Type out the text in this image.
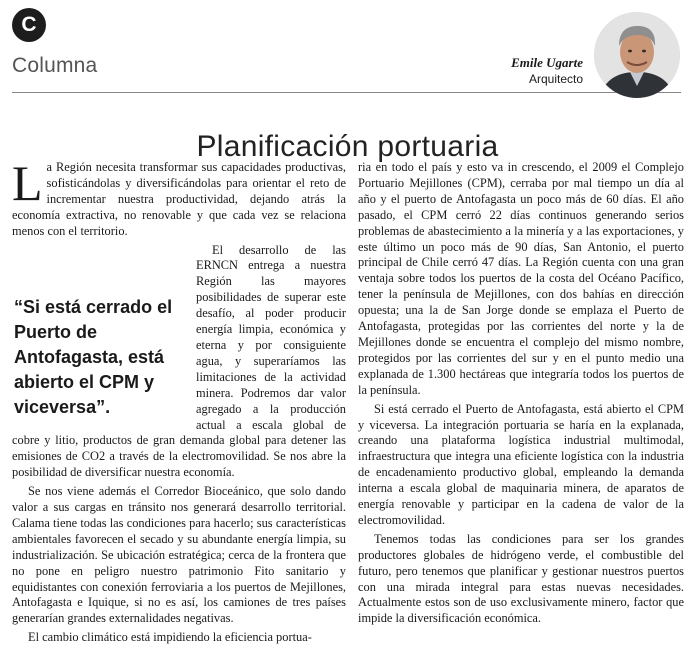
C
Columna	Emile Ugarte
Arquitecto
Planificación portuaria

La Región necesita transformar sus capacidades productivas, sofisticándolas y diversificándolas para orientar el reto de incrementar nuestra productividad, dejando atrás la economía extractiva, no renovable y que cada vez se relaciona menos con el territorio.

El desarrollo de las ERNCN entrega a nuestra Región las mayores posibilidades de superar este desafío, al poder producir energía limpia, económica y eterna y por consiguiente agua, y superaríamos las limitaciones de la actividad minera. Podremos dar valor agregado a la producción actual a escala global de cobre y litio, productos de gran demanda global para detener las emisiones de CO2 a través de la electromovilidad. Se nos abre la posibilidad de diversificar nuestra economía.

Se nos viene además el Corredor Bioceánico, que solo dando valor a sus cargas en tránsito nos generará desarrollo territorial. Calama tiene todas las condiciones para hacerlo; sus características ambientales favorecen el secado y su abundante energía limpia, su industrialización. Se ubicación estratégica; cerca de la frontera que no pone en peligro nuestro patrimonio Fito sanitario y equidistantes con conexión ferroviaria a los puertos de Mejillones, Antofagasta e Iquique, si no es así, los camiones de tres países generarían grandes externalidades negativas.

El cambio climático está impidiendo la eficiencia portua-

“Si está cerrado el Puerto de Antofagasta, está abierto el CPM y viceversa”.

ria en todo el país y esto va in crescendo, el 2009 el Complejo Portuario Mejillones (CPM), cerraba por mal tiempo un día al año y el puerto de Antofagasta un poco más de 60 días. El año pasado, el CPM cerró 22 días continuos generando serios problemas de abastecimiento a la minería y a las exportaciones, y este último un poco más de 90 días, San Antonio, el puerto principal de Chile cerró 47 días. La Región cuenta con una gran ventaja sobre todos los puertos de la costa del Océano Pacífico, tener la península de Mejillones, con dos bahías en dirección opuesta; una la de San Jorge donde se emplaza el Puerto de Antofagasta, protegidas por las corrientes del norte y la de Mejillones donde se encuentra el complejo del mismo nombre, protegidos por las corrientes del sur y en el punto medio una explanada de 1.300 hectáreas que integraría todos los puertos de la península.

Si está cerrado el Puerto de Antofagasta, está abierto el CPM y viceversa. La integración portuaria se haría en la explanada, creando una plataforma logística industrial multimodal, infraestructura que integra una eficiente logística con la industria de encadenamiento productivo global, empleando la demanda interna a escala global de maquinaria minera, de aparatos de energía renovable y participar en la cadena de valor de la electromovilidad.

Tenemos todas las condiciones para ser los grandes productores globales de hidrógeno verde, el combustible del futuro, pero tenemos que planificar y gestionar nuestros puertos con una mirada integral para estas nuevas necesidades. Actualmente estos son de uso exclusivamente minero, factor que impide la diversificación económica.
